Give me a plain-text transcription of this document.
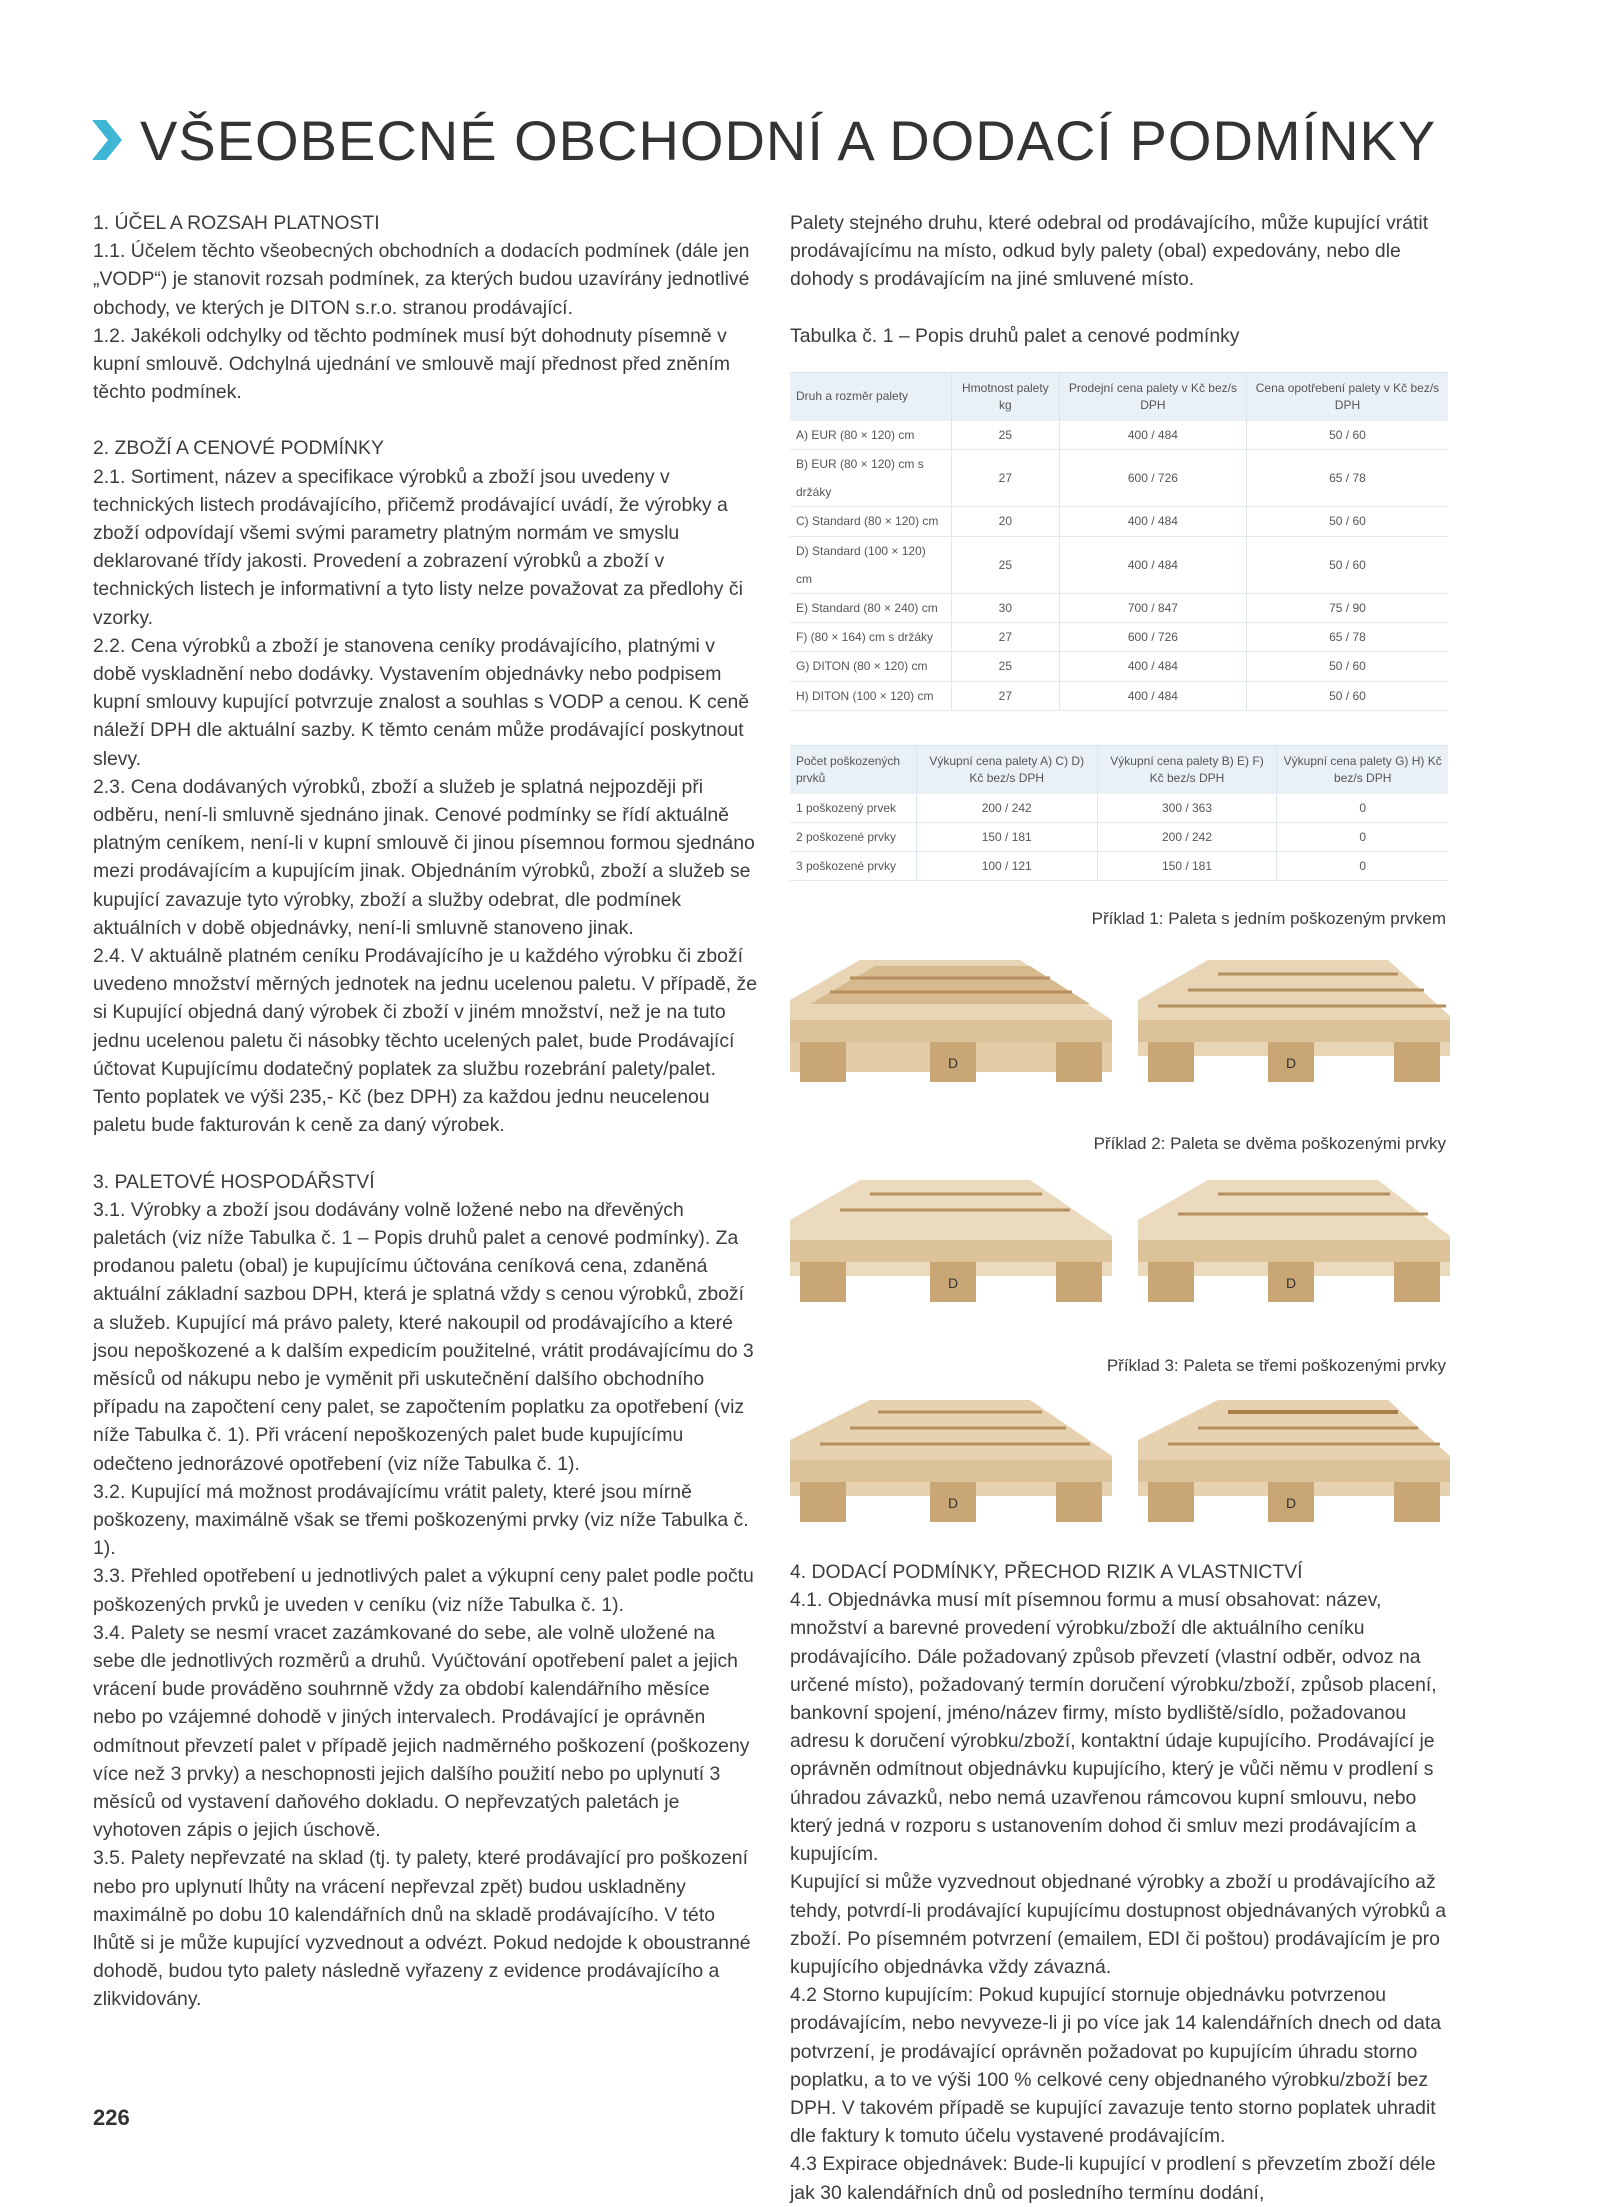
VŠEOBECNÉ OBCHODNÍ A DODACÍ PODMÍNKY

1. ÚČEL A ROZSAH PLATNOSTI

1.1. Účelem těchto všeobecných obchodních a dodacích podmínek (dále jen „VODP“) je stanovit rozsah podmínek, za kterých budou uzavírány jednotlivé obchody, ve kterých je DITON s.r.o. stranou prodávající.

1.2. Jakékoli odchylky od těchto podmínek musí být dohodnuty písemně v kupní smlouvě. Odchylná ujednání ve smlouvě mají přednost před zněním těchto podmínek.

2. ZBOŽÍ A CENOVÉ PODMÍNKY

2.1. Sortiment, název a specifikace výrobků a zboží jsou uvedeny v technických listech prodávajícího, přičemž prodávající uvádí, že výrobky a zboží odpovídají všemi svými parametry platným normám ve smyslu deklarované třídy jakosti. Provedení a zobrazení výrobků a zboží v technických listech je informativní a tyto listy nelze považovat za předlohy či vzorky.

2.2. Cena výrobků a zboží je stanovena ceníky prodávajícího, platnými v době vyskladnění nebo dodávky. Vystavením objednávky nebo podpisem kupní smlouvy kupující potvrzuje znalost a souhlas s VODP a cenou. K ceně náleží DPH dle aktuální sazby. K těmto cenám může prodávající poskytnout slevy.

2.3. Cena dodávaných výrobků, zboží a služeb je splatná nejpozději při odběru, není-li smluvně sjednáno jinak. Cenové podmínky se řídí aktuálně platným ceníkem, není-li v kupní smlouvě či jinou písemnou formou sjednáno mezi prodávajícím a kupujícím jinak. Objednáním výrobků, zboží a služeb se kupující zavazuje tyto výrobky, zboží a služby odebrat, dle podmínek aktuálních v době objednávky, není-li smluvně stanoveno jinak.

2.4. V aktuálně platném ceníku Prodávajícího je u každého výrobku či zboží uvedeno množství měrných jednotek na jednu ucelenou paletu. V případě, že si Kupující objedná daný výrobek či zboží v jiném množství, než je na tuto jednu ucelenou paletu či násobky těchto ucelených palet, bude Prodávající účtovat Kupujícímu dodatečný poplatek za službu rozebrání palety/palet. Tento poplatek ve výši 235,- Kč (bez DPH) za každou jednu neucelenou paletu bude fakturován k ceně za daný výrobek.

3. PALETOVÉ HOSPODÁŘSTVÍ

3.1. Výrobky a zboží jsou dodávány volně ložené nebo na dřevěných paletách (viz níže Tabulka č. 1 – Popis druhů palet a cenové podmínky). Za prodanou paletu (obal) je kupujícímu účtována ceníková cena, zdaněná aktuální základní sazbou DPH, která je splatná vždy s cenou výrobků, zboží a služeb. Kupující má právo palety, které nakoupil od prodávajícího a které jsou nepoškozené a k dalším expedicím použitelné, vrátit prodávajícímu do 3 měsíců od nákupu nebo je vyměnit při uskutečnění dalšího obchodního případu na započtení ceny palet, se započtením poplatku za opotřebení (viz níže Tabulka č. 1). Při vrácení nepoškozených palet bude kupujícímu odečteno jednorázové opotřebení (viz níže Tabulka č. 1).

3.2. Kupující má možnost prodávajícímu vrátit palety, které jsou mírně poškozeny, maximálně však se třemi poškozenými prvky (viz níže Tabulka č. 1).

3.3. Přehled opotřebení u jednotlivých palet a výkupní ceny palet podle počtu poškozených prvků je uveden v ceníku (viz níže Tabulka č. 1).

3.4. Palety se nesmí vracet zazámkované do sebe, ale volně uložené na sebe dle jednotlivých rozměrů a druhů. Vyúčtování opotřebení palet a jejich vrácení bude prováděno souhrnně vždy za období kalendářního měsíce nebo po vzájemné dohodě v jiných intervalech. Prodávající je oprávněn odmítnout převzetí palet v případě jejich nadměrného poškození (poškozeny více než 3 prvky) a neschopnosti jejich dalšího použití nebo po uplynutí 3 měsíců od vystavení daňového dokladu. O nepřevzatých paletách je vyhotoven zápis o jejich úschově.

3.5. Palety nepřevzaté na sklad (tj. ty palety, které prodávající pro poškození nebo pro uplynutí lhůty na vrácení nepřevzal zpět) budou uskladněny maximálně po dobu 10 kalendářních dnů na skladě prodávajícího. V této lhůtě si je může kupující vyzvednout a odvézt. Pokud nedojde k oboustranné dohodě, budou tyto palety následně vyřazeny z evidence prodávajícího a zlikvidovány.

Palety stejného druhu, které odebral od prodávajícího, může kupující vrátit prodávajícímu na místo, odkud byly palety (obal) expedovány, nebo dle dohody s prodávajícím na jiné smluvené místo.

Tabulka č. 1 – Popis druhů palet a cenové podmínky

Druh a rozměr palety	Hmotnost palety kg	Prodejní cena palety v Kč bez/s DPH	Cena opotřebení palety v Kč bez/s DPH
A) EUR (80 × 120) cm	25	400 / 484	50 / 60
B) EUR (80 × 120) cm s držáky	27	600 / 726	65 / 78
C) Standard (80 × 120) cm	20	400 / 484	50 / 60
D) Standard (100 × 120) cm	25	400 / 484	50 / 60
E) Standard (80 × 240) cm	30	700 / 847	75 / 90
F) (80 × 164) cm s držáky	27	600 / 726	65 / 78
G) DITON (80 × 120) cm	25	400 / 484	50 / 60
H) DITON (100 × 120) cm	27	400 / 484	50 / 60
Počet poškozených prvků	Výkupní cena palety A) C) D) Kč bez/s DPH	Výkupní cena palety B) E) F) Kč bez/s DPH	Výkupní cena palety G) H) Kč bez/s DPH
1 poškozený prvek	200 / 242	300 / 363	0
2 poškozené prvky	150 / 181	200 / 242	0
3 poškozené prvky	100 / 121	150 / 181	0

Příklad 1: Paleta s jedním poškozeným prvkem

D	D

Příklad 2: Paleta se dvěma poškozenými prvky

D	D

Příklad 3: Paleta se třemi poškozenými prvky

D	D

4. DODACÍ PODMÍNKY, PŘECHOD RIZIK A VLASTNICTVÍ

4.1. Objednávka musí mít písemnou formu a musí obsahovat: název, množství a barevné provedení výrobku/zboží dle aktuálního ceníku prodávajícího. Dále požadovaný způsob převzetí (vlastní odběr, odvoz na určené místo), požadovaný termín doručení výrobku/zboží, způsob placení, bankovní spojení, jméno/název firmy, místo bydliště/sídlo, požadovanou adresu k doručení výrobku/zboží, kontaktní údaje kupujícího. Prodávající je oprávněn odmítnout objednávku kupujícího, který je vůči němu v prodlení s úhradou závazků, nebo nemá uzavřenou rámcovou kupní smlouvu, nebo který jedná v rozporu s ustanovením dohod či smluv mezi prodávajícím a kupujícím.

Kupující si může vyzvednout objednané výrobky a zboží u prodávajícího až tehdy, potvrdí-li prodávající kupujícímu dostupnost objednávaných výrobků a zboží. Po písemném potvrzení (emailem, EDI či poštou) prodávajícím je pro kupujícího objednávka vždy závazná.

4.2 Storno kupujícím: Pokud kupující stornuje objednávku potvrzenou prodávajícím, nebo nevyveze-li ji po více jak 14 kalendářních dnech od data potvrzení, je prodávající oprávněn požadovat po kupujícím úhradu storno poplatku, a to ve výši 100 % celkové ceny objednaného výrobku/zboží bez DPH. V takovém případě se kupující zavazuje tento storno poplatek uhradit dle faktury k tomuto účelu vystavené prodávajícím.

4.3 Expirace objednávek: Bude-li kupující v prodlení s převzetím zboží déle jak 30 kalendářních dnů od posledního termínu dodání,

226
